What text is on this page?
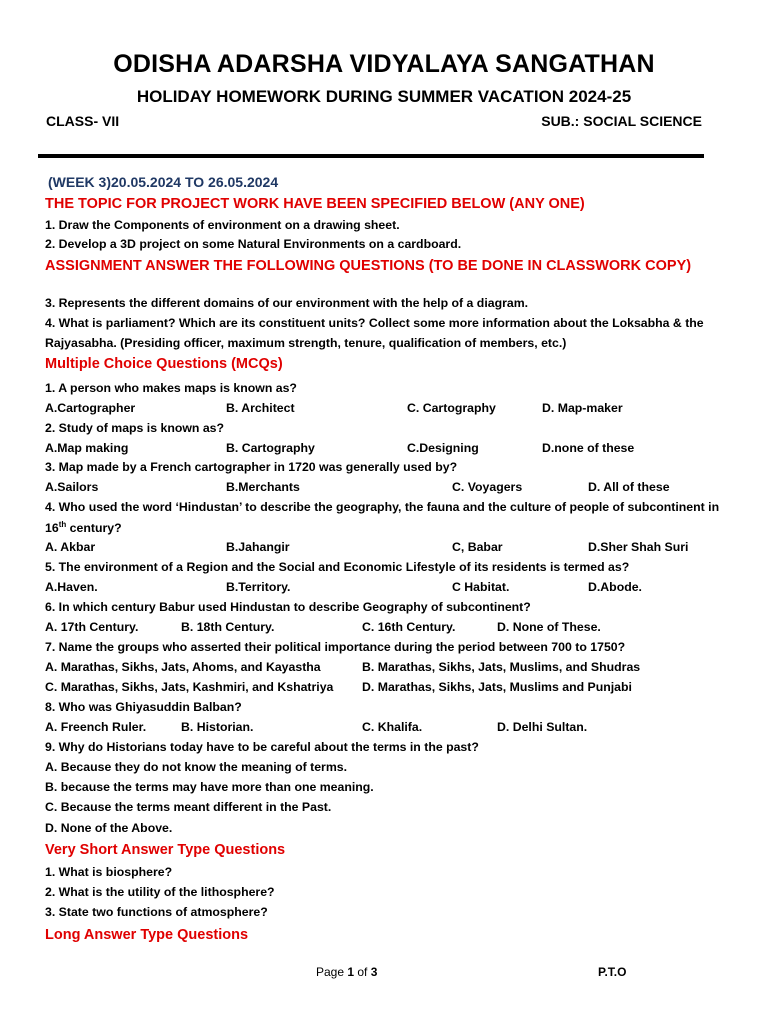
ODISHA ADARSHA VIDYALAYA SANGATHAN
HOLIDAY HOMEWORK DURING SUMMER VACATION 2024-25
CLASS- VII	SUB.: SOCIAL SCIENCE
(WEEK 3)20.05.2024 TO 26.05.2024
THE TOPIC FOR PROJECT WORK HAVE BEEN SPECIFIED BELOW (ANY ONE)
1. Draw the Components of environment on a drawing sheet.
2. Develop a 3D project on some Natural Environments on a cardboard.
ASSIGNMENT ANSWER THE FOLLOWING QUESTIONS (TO BE DONE IN CLASSWORK COPY)
3. Represents the different domains of our environment with the help of a diagram.
4. What is parliament? Which are its constituent units? Collect some more information about the Loksabha & the
Rajyasabha. (Presiding officer, maximum strength, tenure, qualification of members, etc.)
Multiple Choice Questions (MCQs)
1. A person who makes maps is known as?
A.Cartographer	B. Architect	C. Cartography	D. Map-maker
2. Study of maps is known as?
A.Map making	B. Cartography	C.Designing	D.none of these
3. Map made by a French cartographer in 1720 was generally used by?
A.Sailors	B.Merchants	C. Voyagers	D. All of these
4. Who used the word ‘Hindustan’ to describe the geography, the fauna and the culture of people of subcontinent in
16th century?
A. Akbar	B.Jahangir	C, Babar	D.Sher Shah Suri
5. The environment of a Region and the Social and Economic Lifestyle of its residents is termed as?
A.Haven.	B.Territory.	C Habitat.	D.Abode.
6. In which century Babur used Hindustan to describe Geography of subcontinent?
A. 17th Century.	B. 18th Century.	C. 16th Century.	D. None of These.
7. Name the groups who asserted their political importance during the period between 700 to 1750?
A. Marathas, Sikhs, Jats, Ahoms, and Kayastha	B. Marathas, Sikhs, Jats, Muslims, and Shudras
C. Marathas, Sikhs, Jats, Kashmiri, and Kshatriya D. Marathas, Sikhs, Jats, Muslims and Punjabi
8. Who was Ghiyasuddin Balban?
A. Freench Ruler.	B. Historian.	C. Khalifa.	D. Delhi Sultan.
9. Why do Historians today have to be careful about the terms in the past?
A. Because they do not know the meaning of terms.
B. because the terms may have more than one meaning.
C. Because the terms meant different in the Past.
D. None of the Above.
Very Short Answer Type Questions
1. What is biosphere?
2. What is the utility of the lithosphere?
3. State two functions of atmosphere?
Long Answer Type Questions
Page 1 of 3	P.T.O
